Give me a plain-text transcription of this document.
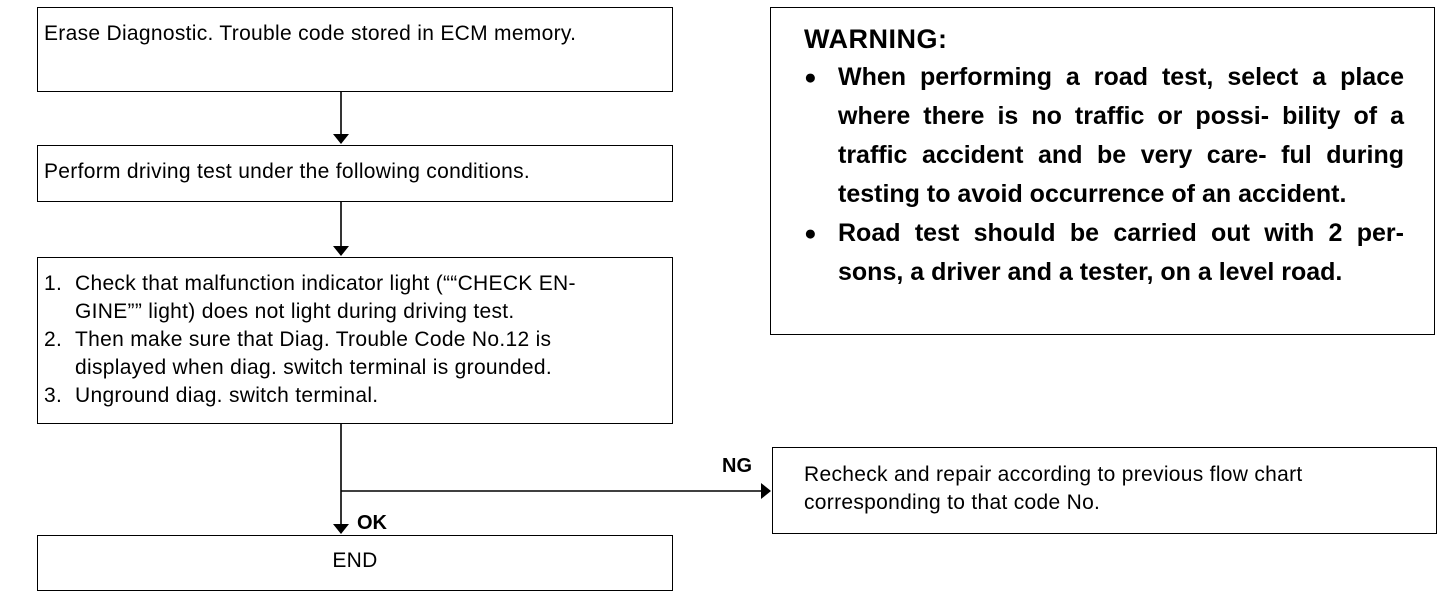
Erase Diagnostic. Trouble code stored in ECM memory.
Perform driving test under the following conditions.
1. Check that malfunction indicator light (““CHECK EN- GINE”” light) does not light during driving test.
2. Then make sure that Diag. Trouble Code No.12 is displayed when diag. switch terminal is grounded.
3. Unground diag. switch terminal.
NG
OK
Recheck and repair according to previous flow chart corresponding to that code No.
END
WARNING:
● When performing a road test, select a place where there is no traffic or possi- bility of a traffic accident and be very care- ful during testing to avoid occurrence of an accident.
● Road test should be carried out with 2 per- sons, a driver and a tester, on a level road.
